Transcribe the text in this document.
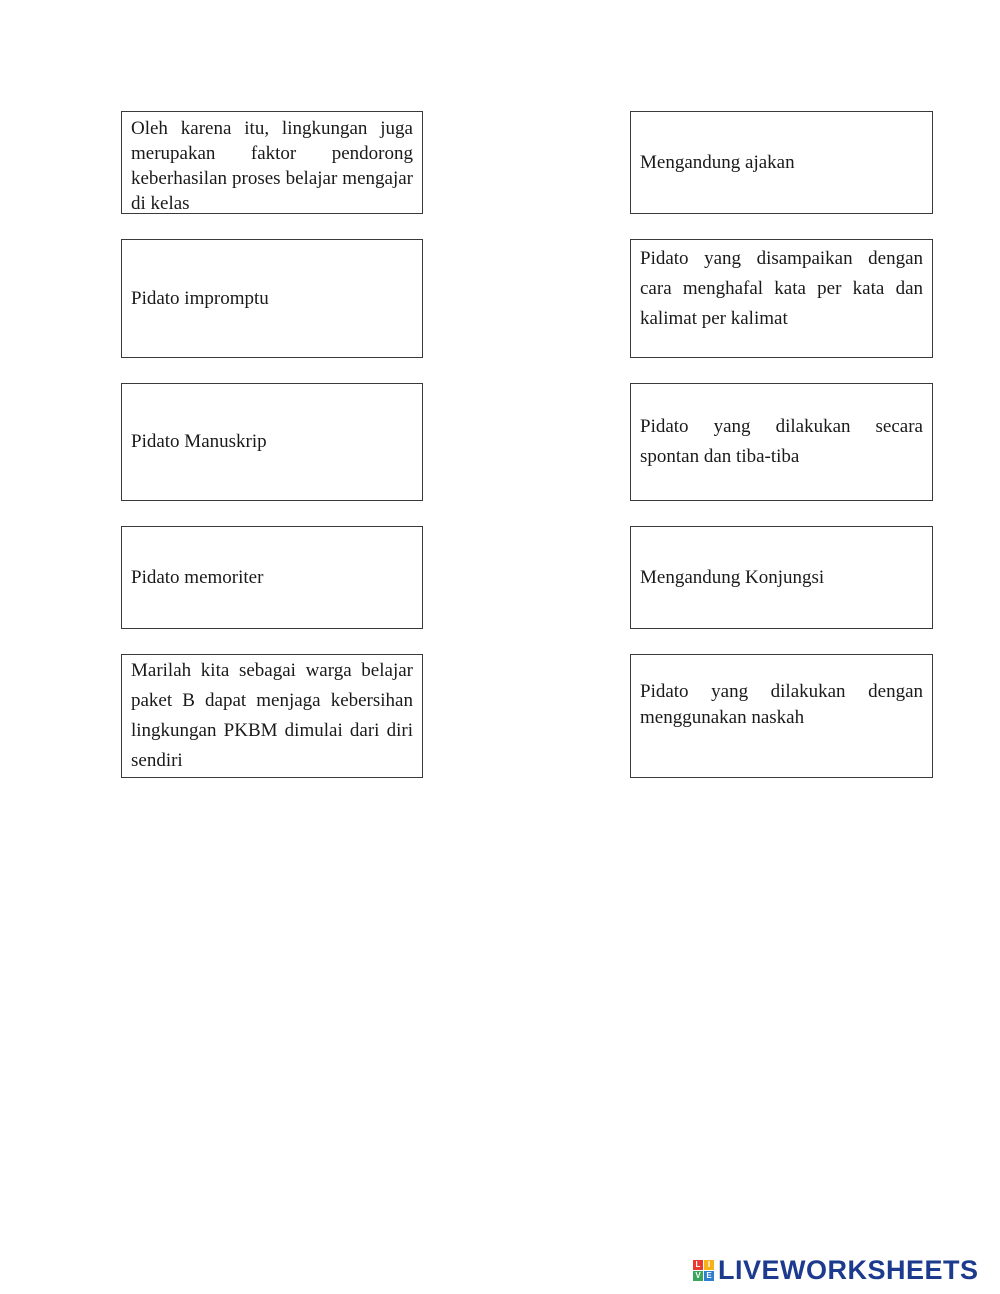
Oleh karena itu, lingkungan juga merupakan faktor pendorong keberhasilan proses belajar mengajar di kelas
Pidato impromptu
Pidato Manuskrip
Pidato memoriter
Marilah kita sebagai warga belajar paket B dapat menjaga kebersihan lingkungan PKBM dimulai dari diri sendiri
Mengandung ajakan
Pidato yang disampaikan dengan cara menghafal kata per kata dan kalimat per kalimat
Pidato yang dilakukan secara spontan dan tiba-tiba
Mengandung Konjungsi
Pidato yang dilakukan dengan menggunakan naskah
L I
V E LIVEWORKSHEETS
